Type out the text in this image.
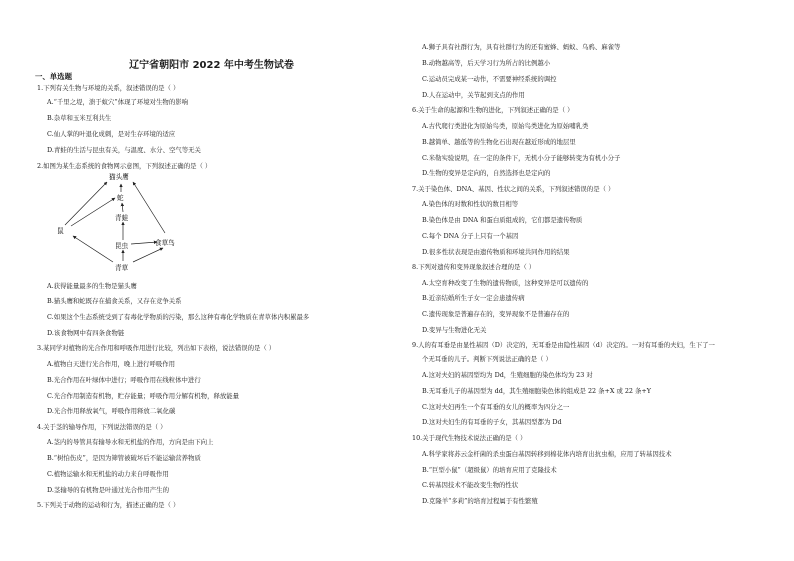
辽宁省朝阳市 2022 年中考生物试卷
一、单选题
1.下列有关生物与环境的关系，叙述错误的是（ ）
A.“千里之堤，溃于蚁穴”体现了环境对生物的影响
B.杂草和玉米互利共生
C.仙人掌的叶退化成刺，是对生存环境的适应
D.青蛙的生活与昆虫有关，与温度、水分、空气等无关
2.如图为某生态系统的食物网示意图，下列叙述正确的是（ ）
A.获得能量最多的生物是猫头鹰
B.猫头鹰和蛇既存在捕食关系，又存在竞争关系
C.如果这个生态系统受到了有毒化学物质的污染，那么这种有毒化学物质在青草体内积累最多
D.该食物网中有四条食物链
3.某同学对植物的光合作用和呼吸作用进行比较，列出如下表格，说法错误的是（ ）
A.植物白天进行光合作用，晚上进行呼吸作用
B.光合作用在叶绿体中进行；呼吸作用在线粒体中进行
C.光合作用制造有机物，贮存能量；呼吸作用分解有机物，释放能量
D.光合作用释放氧气，呼吸作用释放二氧化碳
4.关于茎的输导作用，下列说法错误的是（ ）
A.茎内的导管具有输导水和无机盐的作用，方向是由下向上
B.“树怕伤皮”，是因为筛管被破坏后不能运输营养物质
C.植物运输水和无机盐的动力来自呼吸作用
D.茎输导的有机物是叶通过光合作用产生的
5.下列关于动物的运动和行为，描述正确的是（ ）
猫头鹰
蛇
青蛙
鼠
昆虫	食草鸟
青草
A.狮子具有社群行为，具有社群行为的还有蜜蜂、蚂蚁、乌鸦、麻雀等
B.动物越高等，后天学习行为所占的比例越小
C.运动员完成某一动作，不需要神经系统的调控
D.人在运动中，关节起到支点的作用
6.关于生命的起源和生物的进化，下列叙述正确的是（ ）
A.古代爬行类进化为原始鸟类，原始鸟类进化为原始哺乳类
B.越简单、越低等的生物化石出现在越近形成的地层里
C.米勒实验说明，在一定的条件下，无机小分子能够转变为有机小分子
D.生物的变异是定向的，自然选择也是定向的
7.关于染色体、DNA、基因、性状之间的关系，下列叙述错误的是（ ）
A.染色体的对数和性状的数目相等
B.染色体是由 DNA 和蛋白质组成的，它们都是遗传物质
C.每个 DNA 分子上只有一个基因
D.很多性状表现是由遗传物质和环境共同作用的结果
8.下列对遗传和变异现象叙述合理的是（ ）
A.太空育种改变了生物的遗传物质，这种变异是可以遗传的
B.近亲结婚所生子女一定会患遗传病
C.遗传现象是普遍存在的，变异现象不是普遍存在的
D.变异与生物进化无关
9.人的有耳垂是由显性基因（D）决定的，无耳垂是由隐性基因（d）决定的。一对有耳垂的夫妇，生下了一
个无耳垂的儿子。判断下列说法正确的是（ ）
A.这对夫妇的基因型均为 Dd，生殖细胞的染色体均为 23 对
B.无耳垂儿子的基因型为 dd，其生殖细胞染色体的组成是 22 条+X 或 22 条+Y
C.这对夫妇再生一个有耳垂的女儿的概率为四分之一
D.这对夫妇生的有耳垂的子女，其基因型都为 Dd
10.关于现代生物技术说法正确的是（ ）
A.科学家将苏云金杆菌的杀虫蛋白基因转移到棉花体内培育出抗虫棉，应用了转基因技术
B.“巨型小鼠”（超级鼠）的培育应用了克隆技术
C.转基因技术不能改变生物的性状
D.克隆羊“多莉”的培育过程属于有性繁殖
